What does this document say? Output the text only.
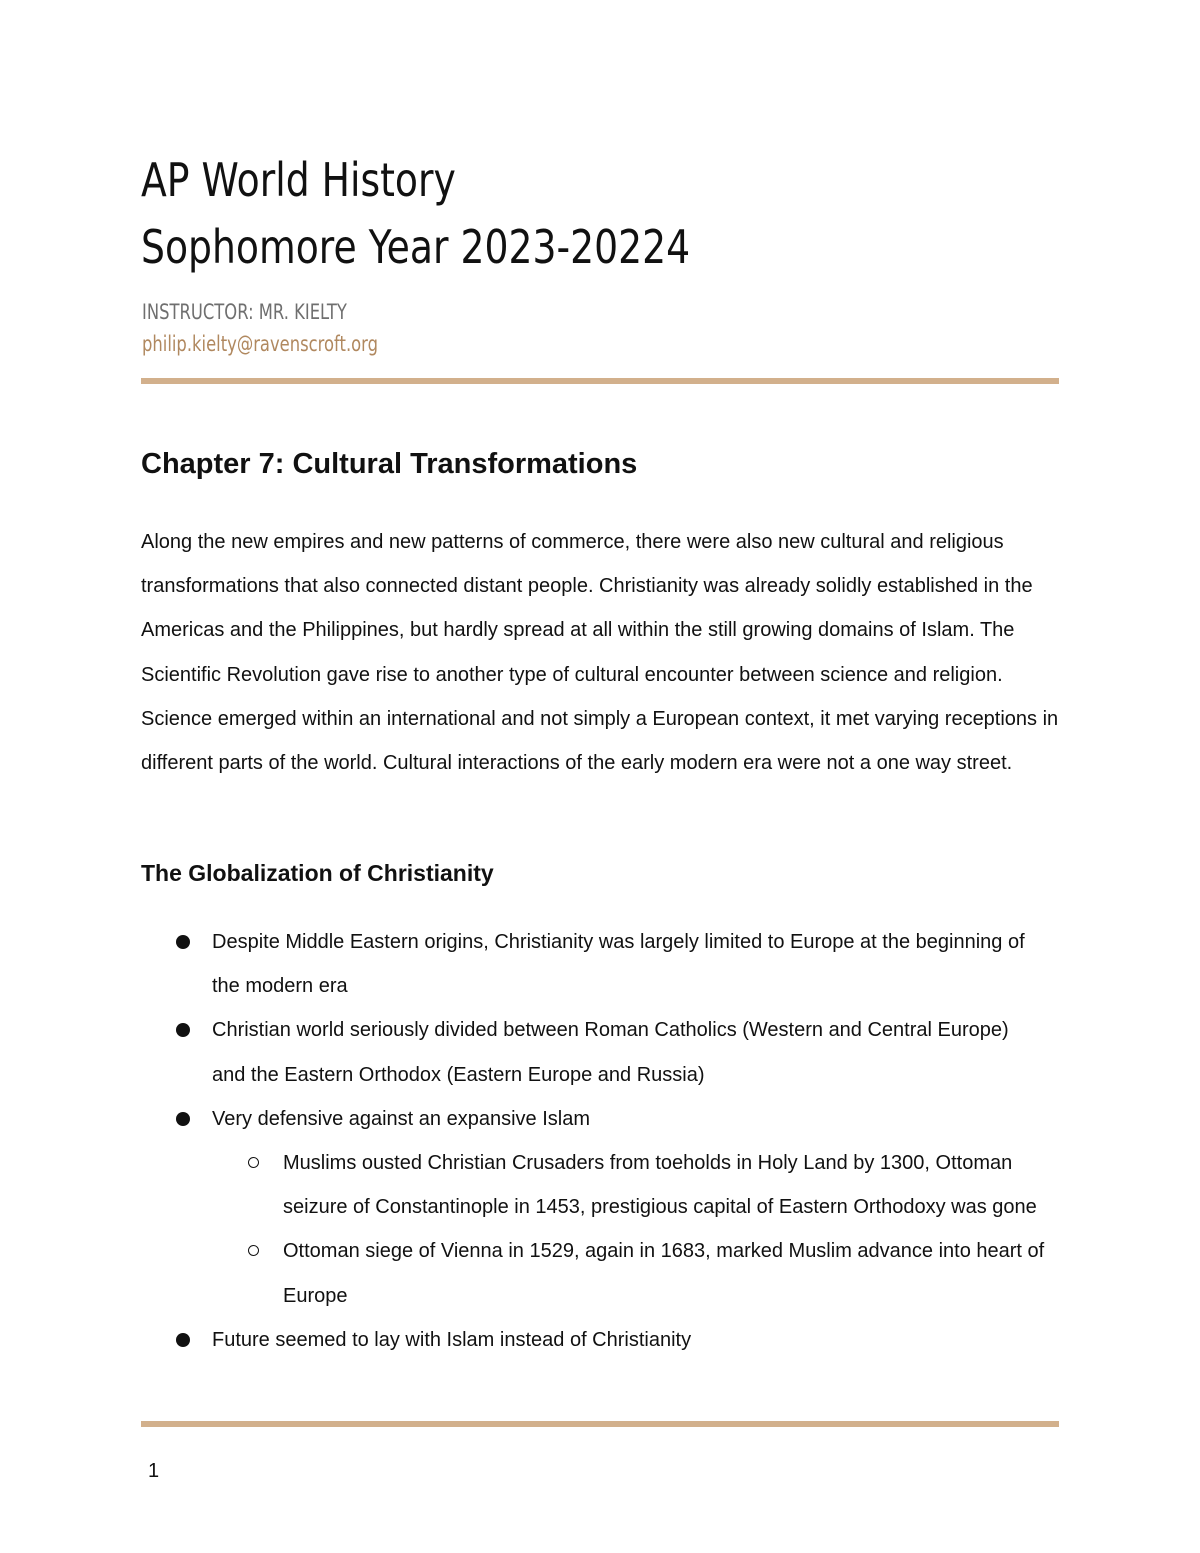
AP World History
Sophomore Year 2023-20224
INSTRUCTOR: MR. KIELTY
philip.kielty@ravenscroft.org
Chapter 7: Cultural Transformations

Along the new empires and new patterns of commerce, there were also new cultural and religious transformations that also connected distant people. Christianity was already solidly established in the Americas and the Philippines, but hardly spread at all within the still growing domains of Islam. The Scientific Revolution gave rise to another type of cultural encounter between science and religion. Science emerged within an international and not simply a European context, it met varying receptions in different parts of the world. Cultural interactions of the early modern era were not a one way street.

The Globalization of Christianity
Despite Middle Eastern origins, Christianity was largely limited to Europe at the beginning of the modern era
Christian world seriously divided between Roman Catholics (Western and Central Europe) and the Eastern Orthodox (Eastern Europe and Russia)
Very defensive against an expansive Islam
Muslims ousted Christian Crusaders from toeholds in Holy Land by 1300, Ottoman seizure of Constantinople in 1453, prestigious capital of Eastern Orthodoxy was gone
Ottoman siege of Vienna in 1529, again in 1683, marked Muslim advance into heart of Europe
Future seemed to lay with Islam instead of Christianity
1
